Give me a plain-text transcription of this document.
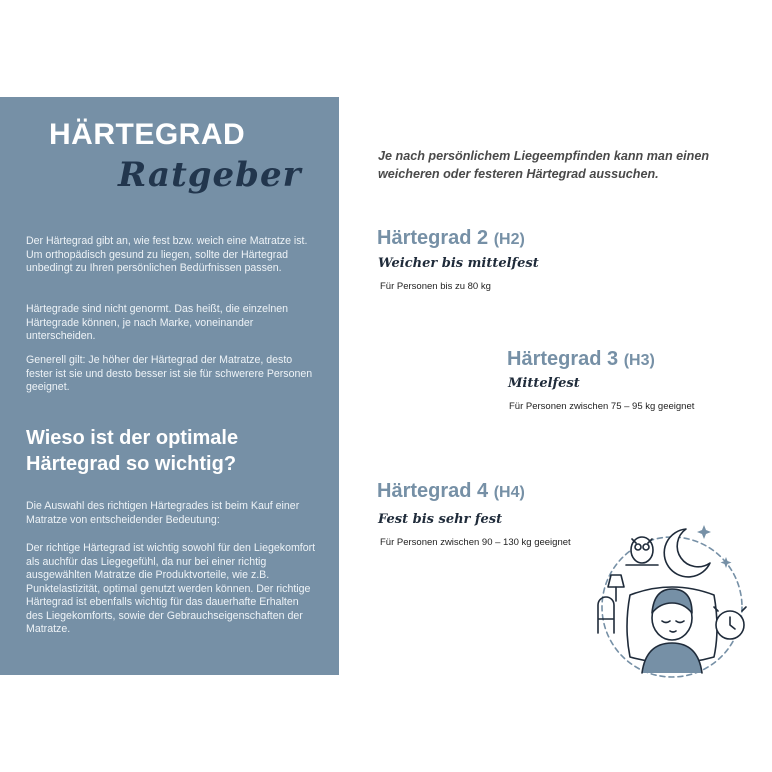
HÄRTEGRAD
Ratgeber
Der Härtegrad gibt an, wie fest bzw. weich eine Matratze ist. Um orthopädisch gesund zu liegen, sollte der Härtegrad unbedingt zu Ihren persönlichen Bedürfnissen passen.
Härtegrade sind nicht genormt. Das heißt, die einzelnen Härtegrade können, je nach Marke, voneinander unterscheiden.
Generell gilt: Je höher der Härtegrad der Matratze, desto fester ist sie und desto besser ist sie für schwerere Personen geeignet.
Wieso ist der optimale Härtegrad so wichtig?
Die Auswahl des richtigen Härtegrades ist beim Kauf einer Matratze von entscheidender Bedeutung:
Der richtige Härtegrad ist wichtig sowohl für den Liegekomfort als auchfür das Liegegefühl, da nur bei einer richtig ausgewählten Matratze die Produktvorteile, wie z.B. Punktelastizität, optimal genutzt werden können. Der richtige Härtegrad ist ebenfalls wichtig für das dauerhafte Erhalten des Liegekomforts, sowie der Gebrauchseigenschaften der Matratze.
Je nach persönlichem Liegeempfinden kann man einen weicheren oder festeren Härtegrad aussuchen.
Härtegrad 2 (H2)
Weicher bis mittelfest
Für Personen bis zu 80 kg
Härtegrad 3 (H3)
Mittelfest
Für Personen zwischen 75 – 95 kg geeignet
Härtegrad 4 (H4)
Fest bis sehr fest
Für Personen zwischen 90 – 130 kg geeignet
